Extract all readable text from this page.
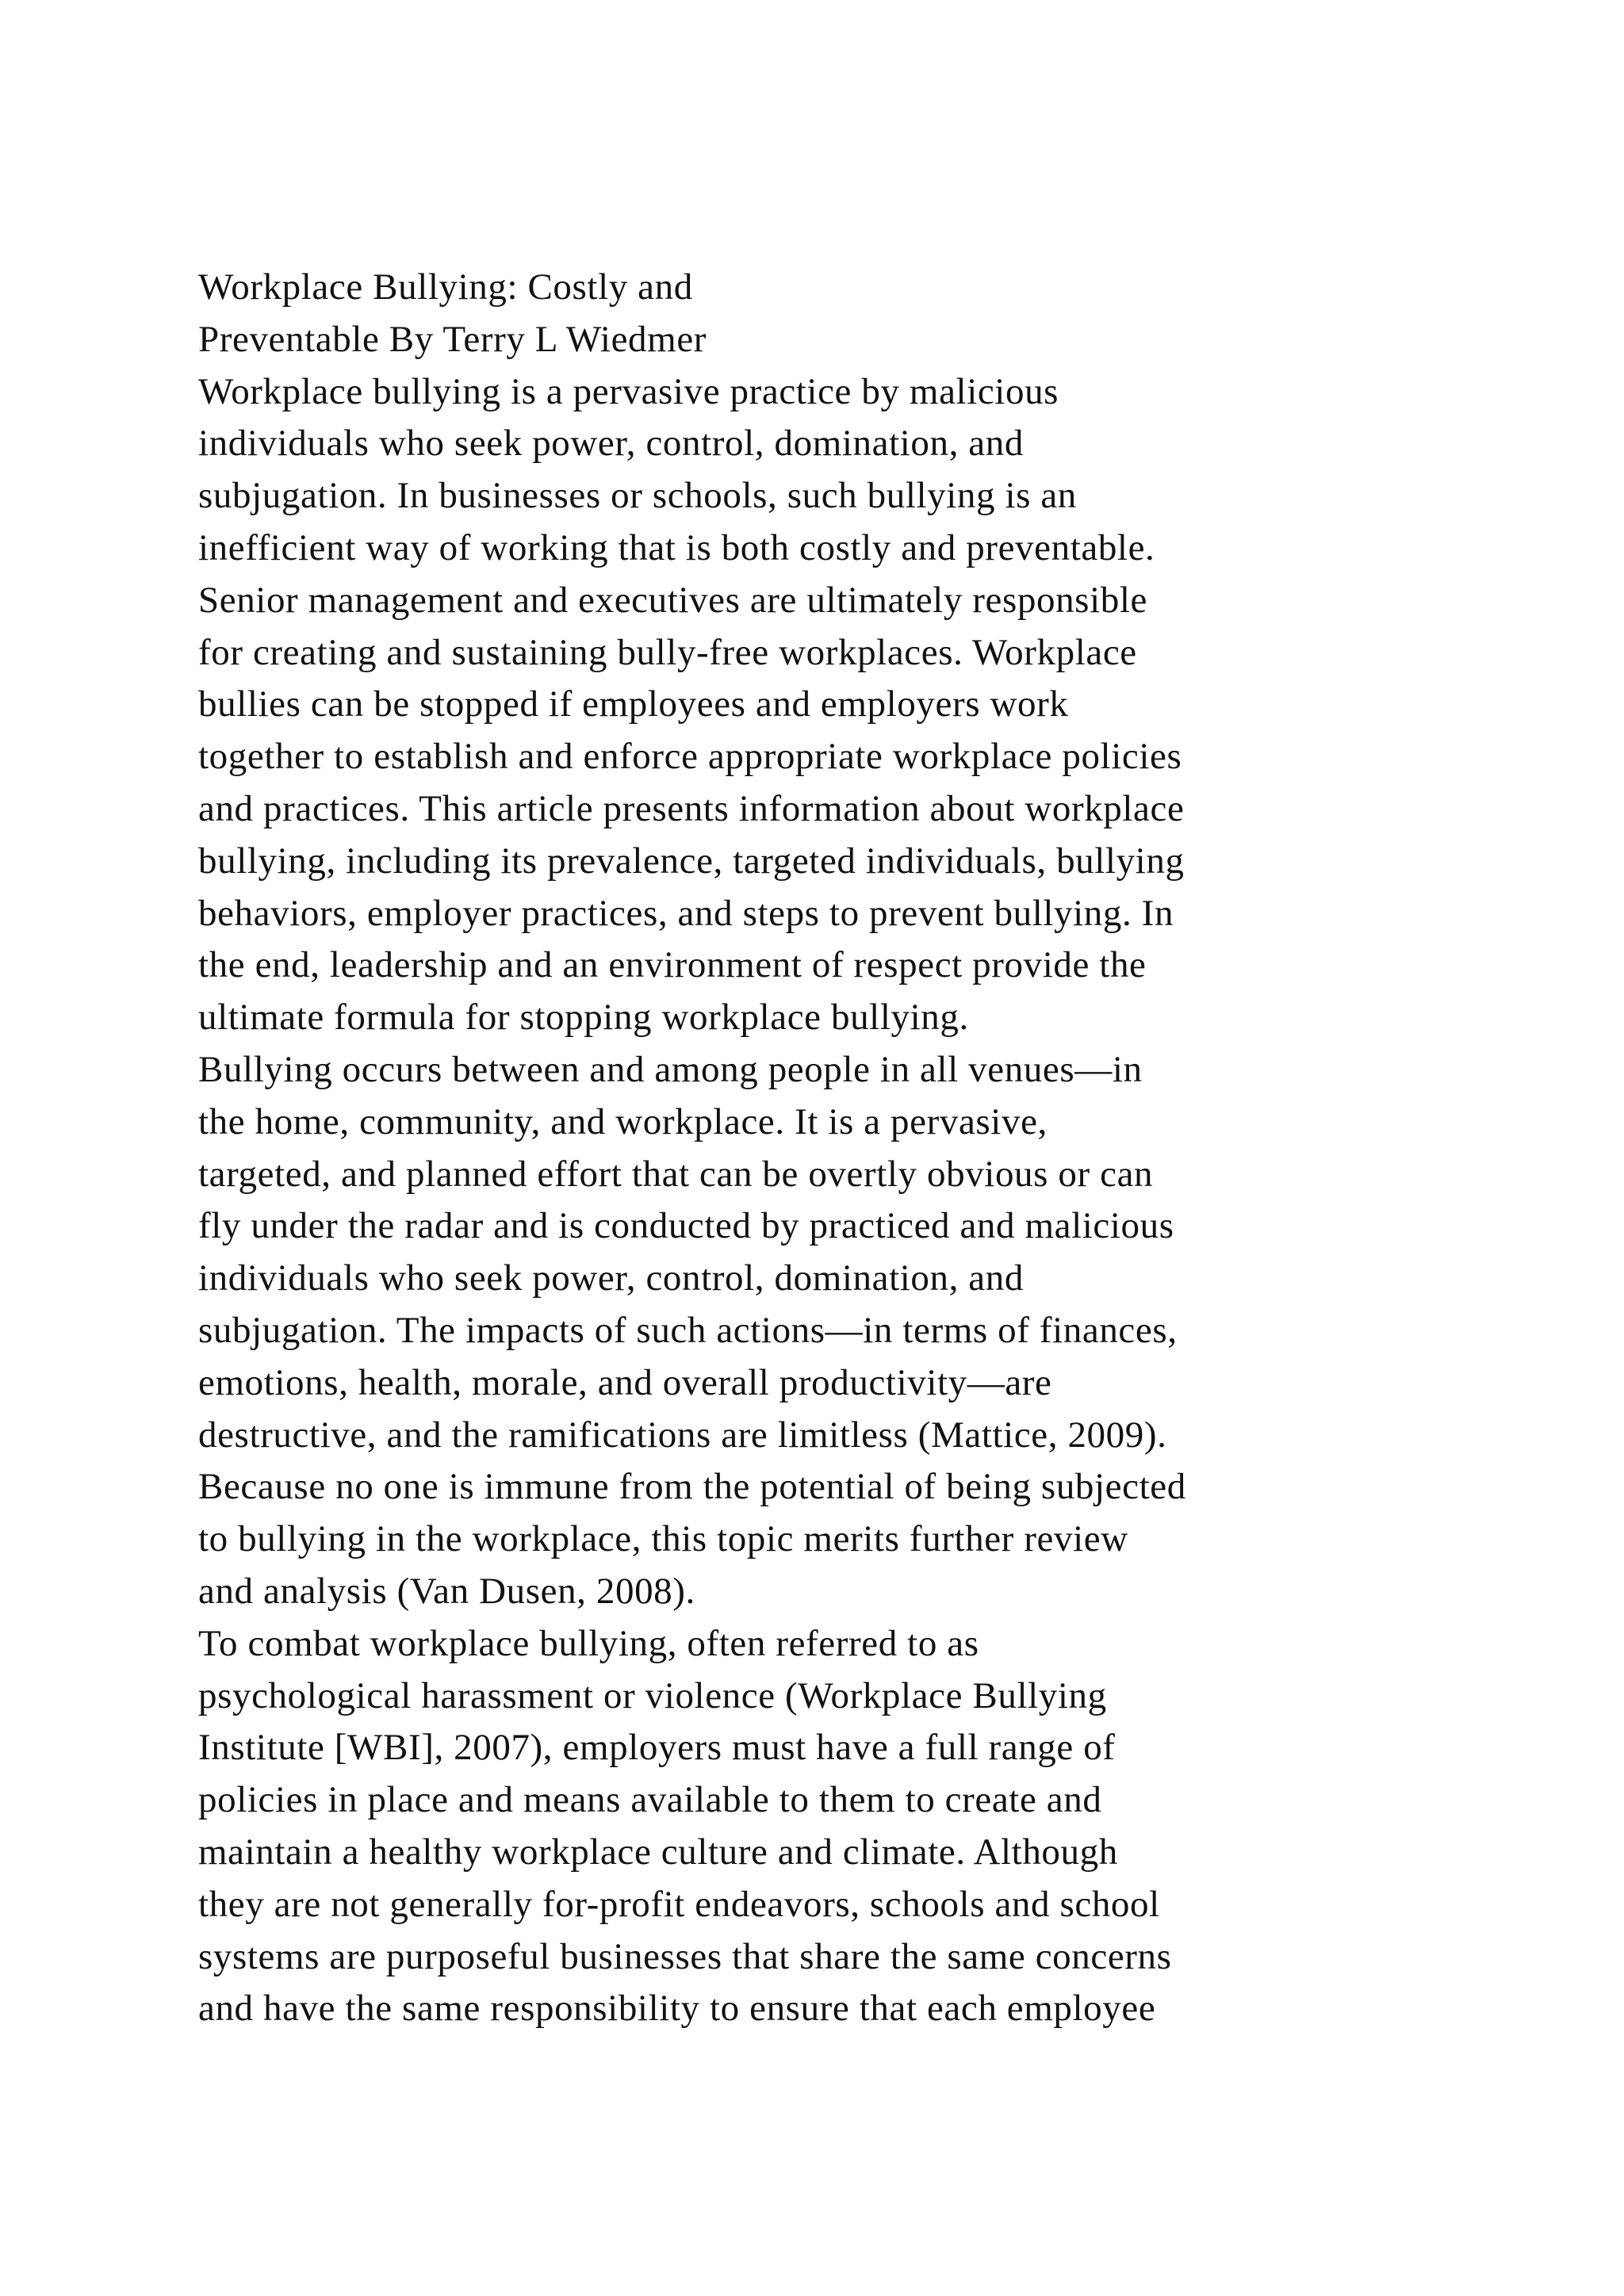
Workplace Bullying: Costly and
Preventable By Terry L Wiedmer
Workplace bullying is a pervasive practice by malicious
individuals who seek power, control, domination, and
subjugation. In businesses or schools, such bullying is an
inefficient way of working that is both costly and preventable.
Senior management and executives are ultimately responsible
for creating and sustaining bully-free workplaces. Workplace
bullies can be stopped if employees and employers work
together to establish and enforce appropriate workplace policies
and practices. This article presents information about workplace
bullying, including its prevalence, targeted individuals, bullying
behaviors, employer practices, and steps to prevent bullying. In
the end, leadership and an environment of respect provide the
ultimate formula for stopping workplace bullying.
Bullying occurs between and among people in all venues—in
the home, community, and workplace. It is a pervasive,
targeted, and planned effort that can be overtly obvious or can
fly under the radar and is conducted by practiced and malicious
individuals who seek power, control, domination, and
subjugation. The impacts of such actions—in terms of finances,
emotions, health, morale, and overall productivity—are
destructive, and the ramifications are limitless (Mattice, 2009).
Because no one is immune from the potential of being subjected
to bullying in the workplace, this topic merits further review
and analysis (Van Dusen, 2008).
To combat workplace bullying, often referred to as
psychological harassment or violence (Workplace Bullying
Institute [WBI], 2007), employers must have a full range of
policies in place and means available to them to create and
maintain a healthy workplace culture and climate. Although
they are not generally for-profit endeavors, schools and school
systems are purposeful businesses that share the same concerns
and have the same responsibility to ensure that each employee
